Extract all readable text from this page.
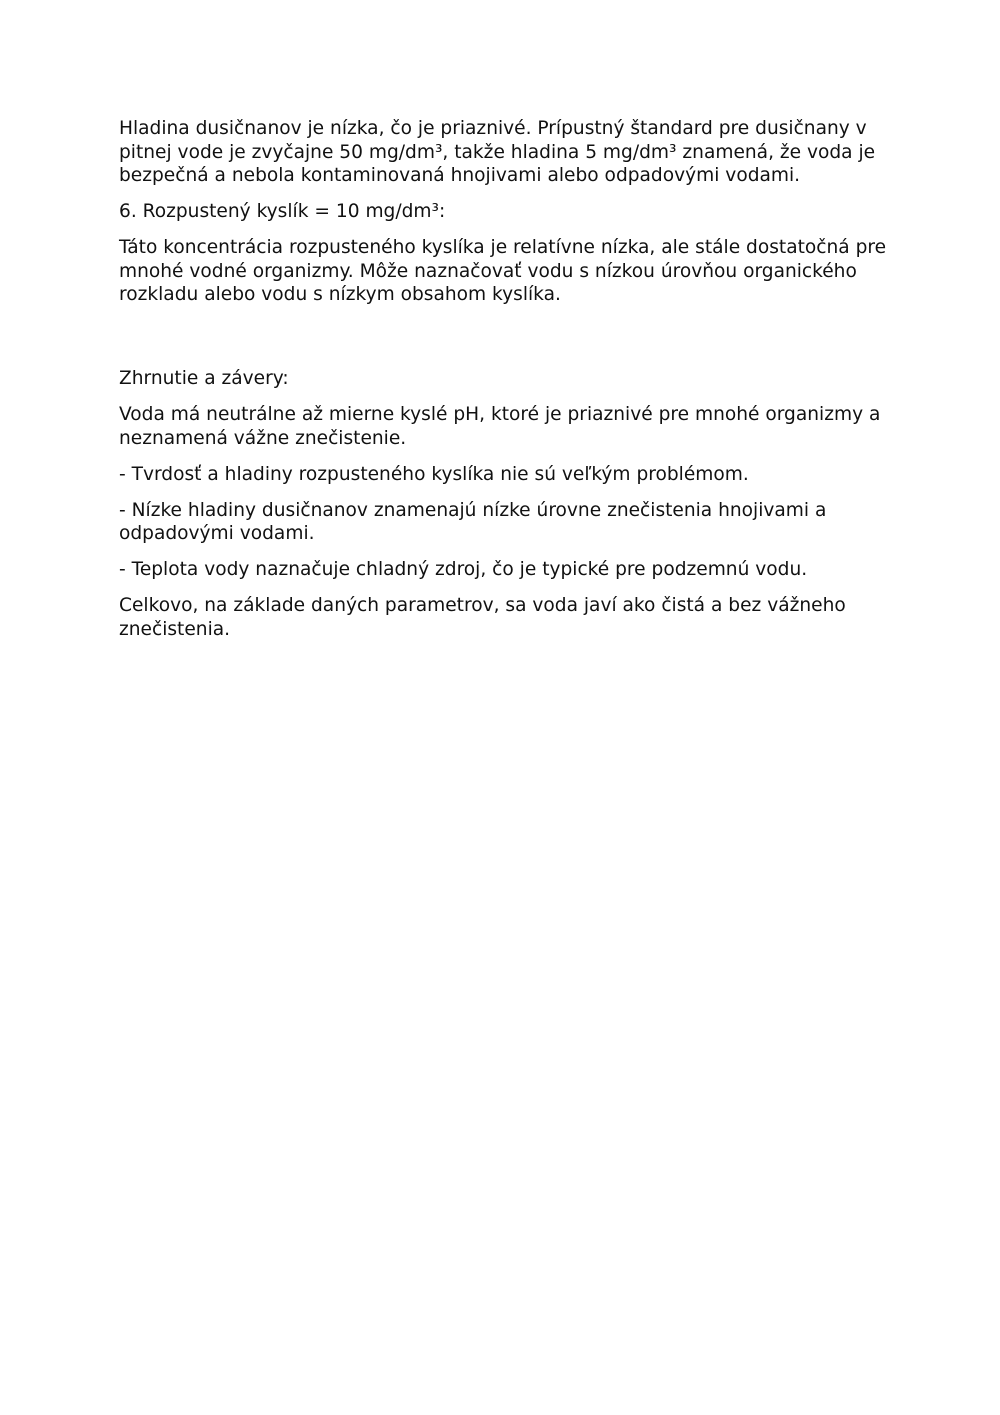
Hladina dusičnanov je nízka, čo je priaznivé. Prípustný štandard pre dusičnany v pitnej vode je zvyčajne 50 mg/dm³, takže hladina 5 mg/dm³ znamená, že voda je bezpečná a nebola kontaminovaná hnojivami alebo odpadovými vodami.

6. Rozpustený kyslík = 10 mg/dm³:

Táto koncentrácia rozpusteného kyslíka je relatívne nízka, ale stále dostatočná pre mnohé vodné organizmy. Môže naznačovať vodu s nízkou úrovňou organického rozkladu alebo vodu s nízkym obsahom kyslíka.

Zhrnutie a závery:

Voda má neutrálne až mierne kyslé pH, ktoré je priaznivé pre mnohé organizmy a neznamená vážne znečistenie.

- Tvrdosť a hladiny rozpusteného kyslíka nie sú veľkým problémom.

- Nízke hladiny dusičnanov znamenajú nízke úrovne znečistenia hnojivami a odpadovými vodami.

- Teplota vody naznačuje chladný zdroj, čo je typické pre podzemnú vodu.

Celkovo, na základe daných parametrov, sa voda javí ako čistá a bez vážneho znečistenia.
